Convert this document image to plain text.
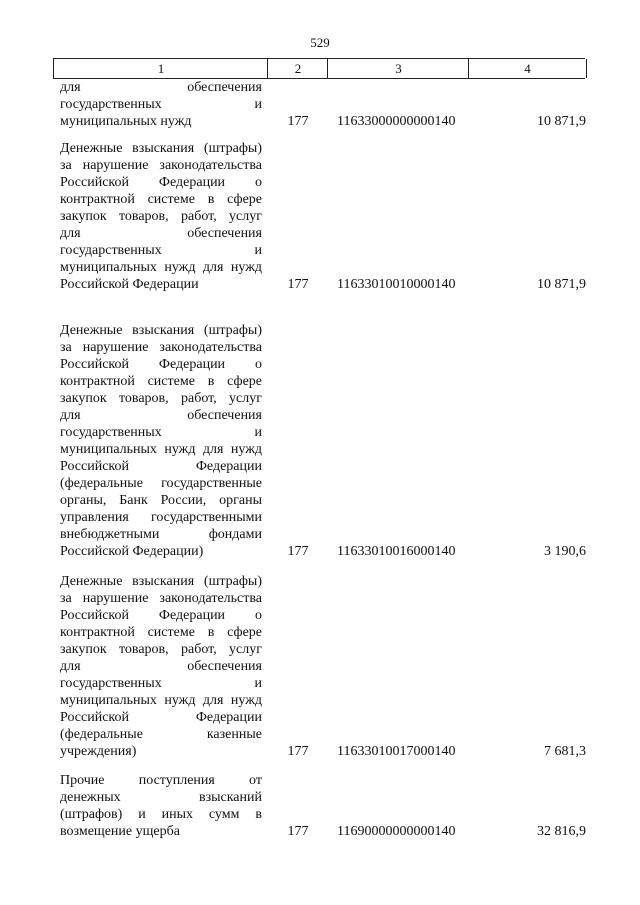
529
1	2	3	4
для обеспечения
государственных и
муниципальных нужд	177 11633000000000140	10 871,9
Денежные взыскания (штрафы)
за нарушение законодательства
Российской Федерации о
контрактной системе в сфере
закупок товаров, работ, услуг
для обеспечения
государственных и
муниципальных нужд для нужд
Российской Федерации	177 11633010010000140	10 871,9
Денежные взыскания (штрафы)
за нарушение законодательства
Российской Федерации о
контрактной системе в сфере
закупок товаров, работ, услуг
для обеспечения
государственных и
муниципальных нужд для нужд
Российской Федерации
(федеральные государственные
органы, Банк России, органы
управления государственными
внебюджетными фондами
Российской Федерации)	177 11633010016000140	3 190,6
Денежные взыскания (штрафы)
за нарушение законодательства
Российской Федерации о
контрактной системе в сфере
закупок товаров, работ, услуг
для обеспечения
государственных и
муниципальных нужд для нужд
Российской Федерации
(федеральные казенные
учреждения)	177 11633010017000140	7 681,3
Прочие поступления от
денежных взысканий
(штрафов) и иных сумм в
возмещение ущерба	177 11690000000000140	32 816,9
